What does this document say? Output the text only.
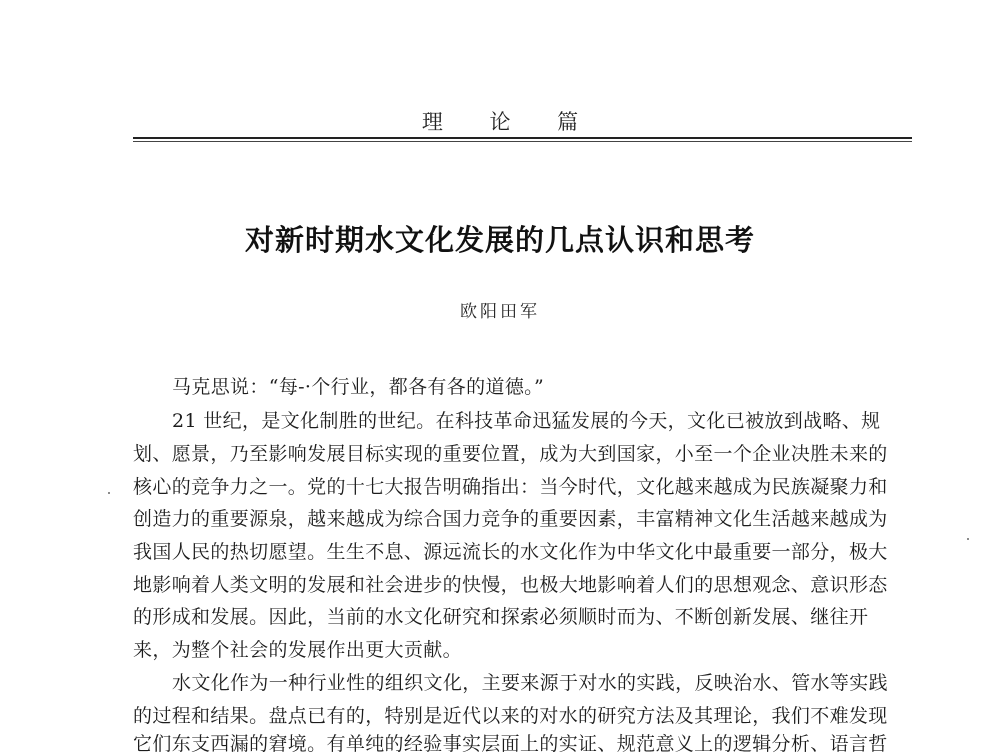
理 论 篇
对新时期水文化发展的几点认识和思考
欧阳田军
马克思说：“每-·个行业，都各有各的道德。”
21 世纪，是文化制胜的世纪。在科技革命迅猛发展的今天，文化已被放到战略、规
划、愿景，乃至影响发展目标实现的重要位置，成为大到国家，小至一个企业决胜未来的
核心的竞争力之一。党的十七大报告明确指出：当今时代，文化越来越成为民族凝聚力和
创造力的重要源泉，越来越成为综合国力竞争的重要因素，丰富精神文化生活越来越成为
我国人民的热切愿望。生生不息、源远流长的水文化作为中华文化中最重要一部分，极大
地影响着人类文明的发展和社会进步的快慢，也极大地影响着人们的思想观念、意识形态
的形成和发展。因此，当前的水文化研究和探索必须顺时而为、不断创新发展、继往开
来，为整个社会的发展作出更大贡献。
水文化作为一种行业性的组织文化，主要来源于对水的实践，反映治水、管水等实践
的过程和结果。盘点已有的，特别是近代以来的对水的研究方法及其理论，我们不难发现
它们东支西漏的窘境。有单纯的经验事实层面上的实证、规范意义上的逻辑分析、语言哲
